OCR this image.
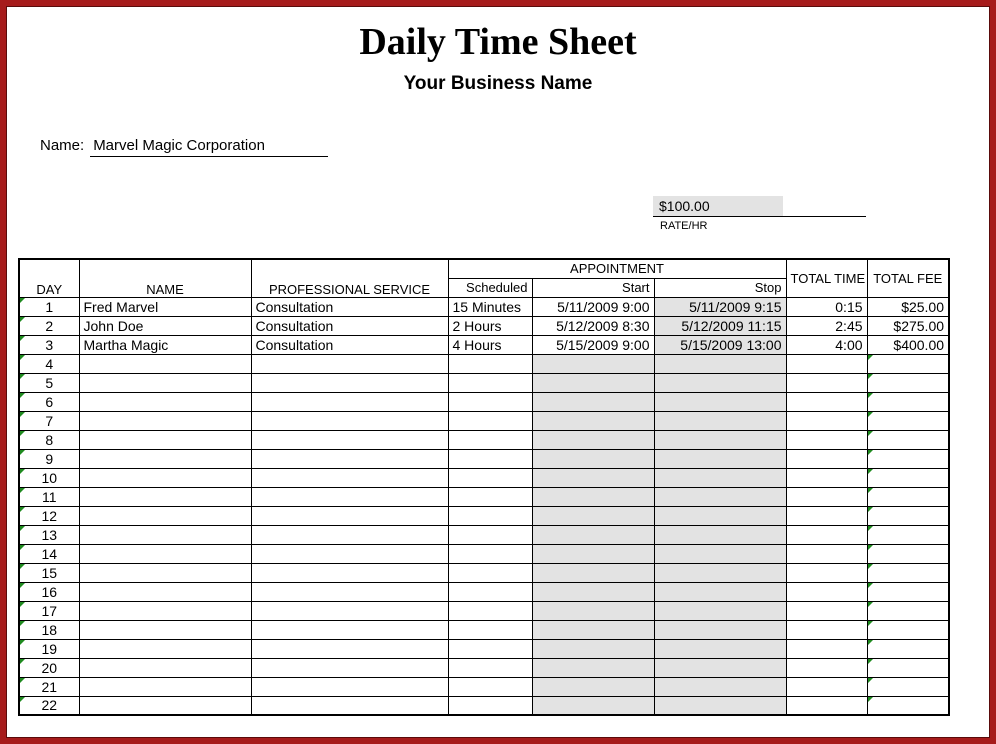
Daily Time Sheet
Your Business Name
Name: Marvel Magic Corporation
$100.00
RATE/HR
DAY	NAME	PROFESSIONAL SERVICE	APPOINTMENT			TOTAL TIME	TOTAL FEE
			Scheduled	Start	Stop		
1	Fred Marvel	Consultation	15 Minutes	5/11/2009 9:00	5/11/2009 9:15	0:15	$25.00
2	John Doe	Consultation	2 Hours	5/12/2009 8:30	5/12/2009 11:15	2:45	$275.00
3	Martha Magic	Consultation	4 Hours	5/15/2009 9:00	5/15/2009 13:00	4:00	$400.00
4

5

6

7

8

9

10

11

12

13

14

15

16

17

18

19

20

21

22
